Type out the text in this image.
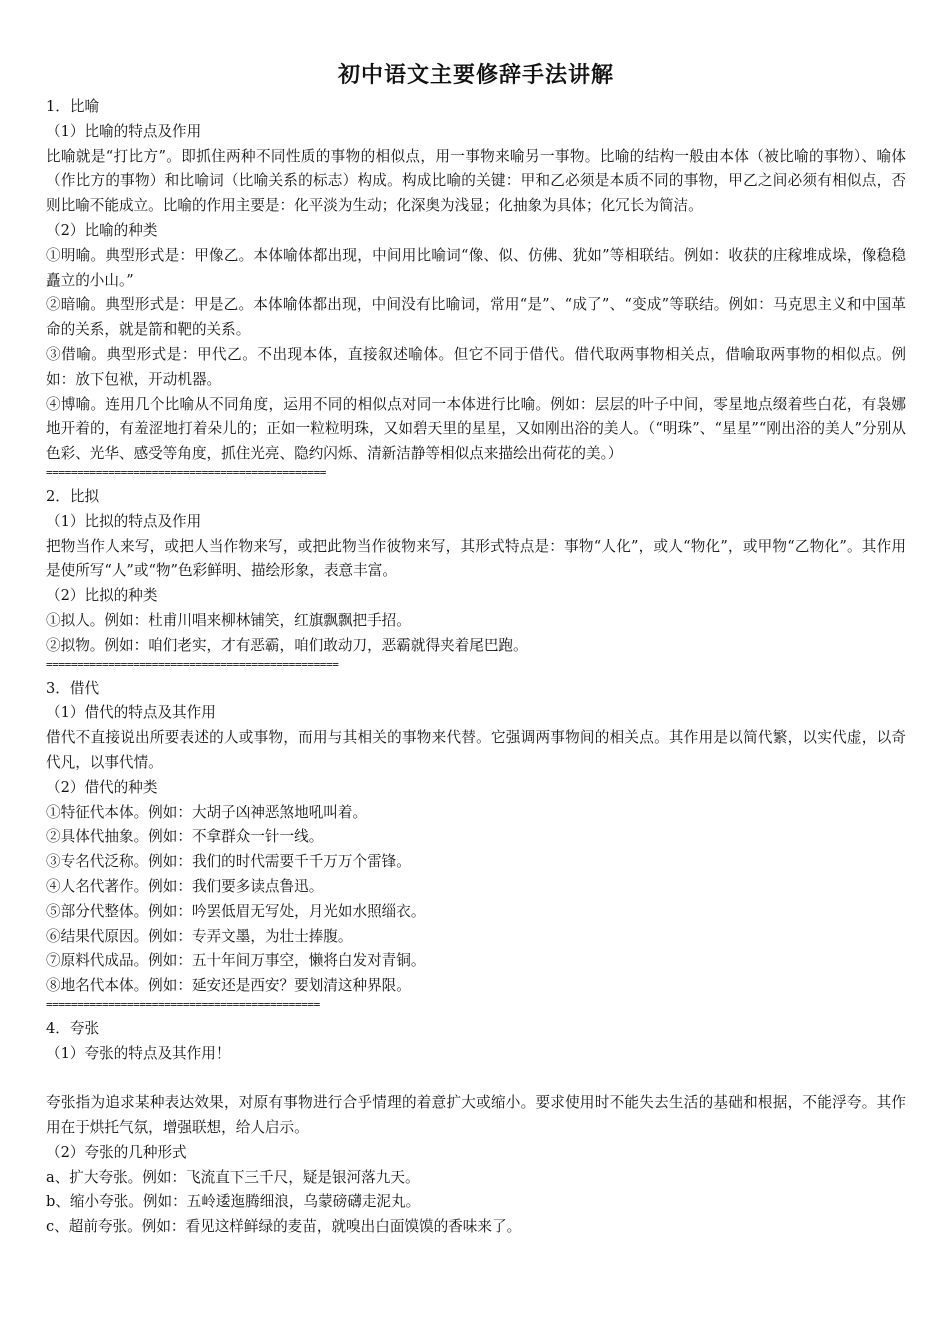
初中语文主要修辞手法讲解

1．比喻

（1）比喻的特点及作用

比喻就是“打比方”。即抓住两种不同性质的事物的相似点，用一事物来喻另一事物。比喻的结构一般由本体（被比喻的事物）、喻体（作比方的事物）和比喻词（比喻关系的标志）构成。构成比喻的关键：甲和乙必须是本质不同的事物，甲乙之间必须有相似点，否则比喻不能成立。比喻的作用主要是：化平淡为生动；化深奥为浅显；化抽象为具体；化冗长为简洁。

（2）比喻的种类

①明喻。典型形式是：甲像乙。本体喻体都出现，中间用比喻词“像、似、仿佛、犹如”等相联结。例如：收获的庄稼堆成垛，像稳稳矗立的小山。”

②暗喻。典型形式是：甲是乙。本体喻体都出现，中间没有比喻词，常用“是”、“成了”、“变成”等联结。例如：马克思主义和中国革命的关系，就是箭和靶的关系。

③借喻。典型形式是：甲代乙。不出现本体，直接叙述喻体。但它不同于借代。借代取两事物相关点，借喻取两事物的相似点。例如：放下包袱，开动机器。

④博喻。连用几个比喻从不同角度，运用不同的相似点对同一本体进行比喻。例如：层层的叶子中间，零星地点缀着些白花，有袅娜地开着的，有羞涩地打着朵儿的；正如一粒粒明珠，又如碧天里的星星，又如刚出浴的美人。（“明珠”、“星星”“刚出浴的美人”分别从色彩、光华、感受等角度，抓住光亮、隐约闪烁、清新洁静等相似点来描绘出荷花的美。）

=============================================

2．比拟

（1）比拟的特点及作用

把物当作人来写，或把人当作物来写，或把此物当作彼物来写，其形式特点是：事物“人化”，或人“物化”，或甲物“乙物化”。其作用是使所写“人”或“物”色彩鲜明、描绘形象，表意丰富。

（2）比拟的种类

①拟人。例如：杜甫川唱来柳林铺笑，红旗飘飘把手招。

②拟物。例如：咱们老实，才有恶霸，咱们敢动刀，恶霸就得夹着尾巴跑。

===============================================

3．借代

（1）借代的特点及其作用

借代不直接说出所要表述的人或事物，而用与其相关的事物来代替。它强调两事物间的相关点。其作用是以简代繁，以实代虚，以奇代凡，以事代情。

（2）借代的种类

①特征代本体。例如：大胡子凶神恶煞地吼叫着。

②具体代抽象。例如：不拿群众一针一线。

③专名代泛称。例如：我们的时代需要千千万万个雷锋。

④人名代著作。例如：我们要多读点鲁迅。

⑤部分代整体。例如：吟罢低眉无写处，月光如水照缁衣。

⑥结果代原因。例如：专弄文墨，为壮士捧腹。

⑦原料代成品。例如：五十年间万事空，懒将白发对青铜。

⑧地名代本体。例如：延安还是西安？要划清这种界限。

============================================

4．夸张

（1）夸张的特点及其作用！

夸张指为追求某种表达效果，对原有事物进行合乎情理的着意扩大或缩小。要求使用时不能失去生活的基础和根据，不能浮夸。其作用在于烘托气氛，增强联想，给人启示。

（2）夸张的几种形式

a、扩大夸张。例如：飞流直下三千尺，疑是银河落九天。

b、缩小夸张。例如：五岭逶迤腾细浪，乌蒙磅礴走泥丸。

c、超前夸张。例如：看见这样鲜绿的麦苗，就嗅出白面馍馍的香味来了。
